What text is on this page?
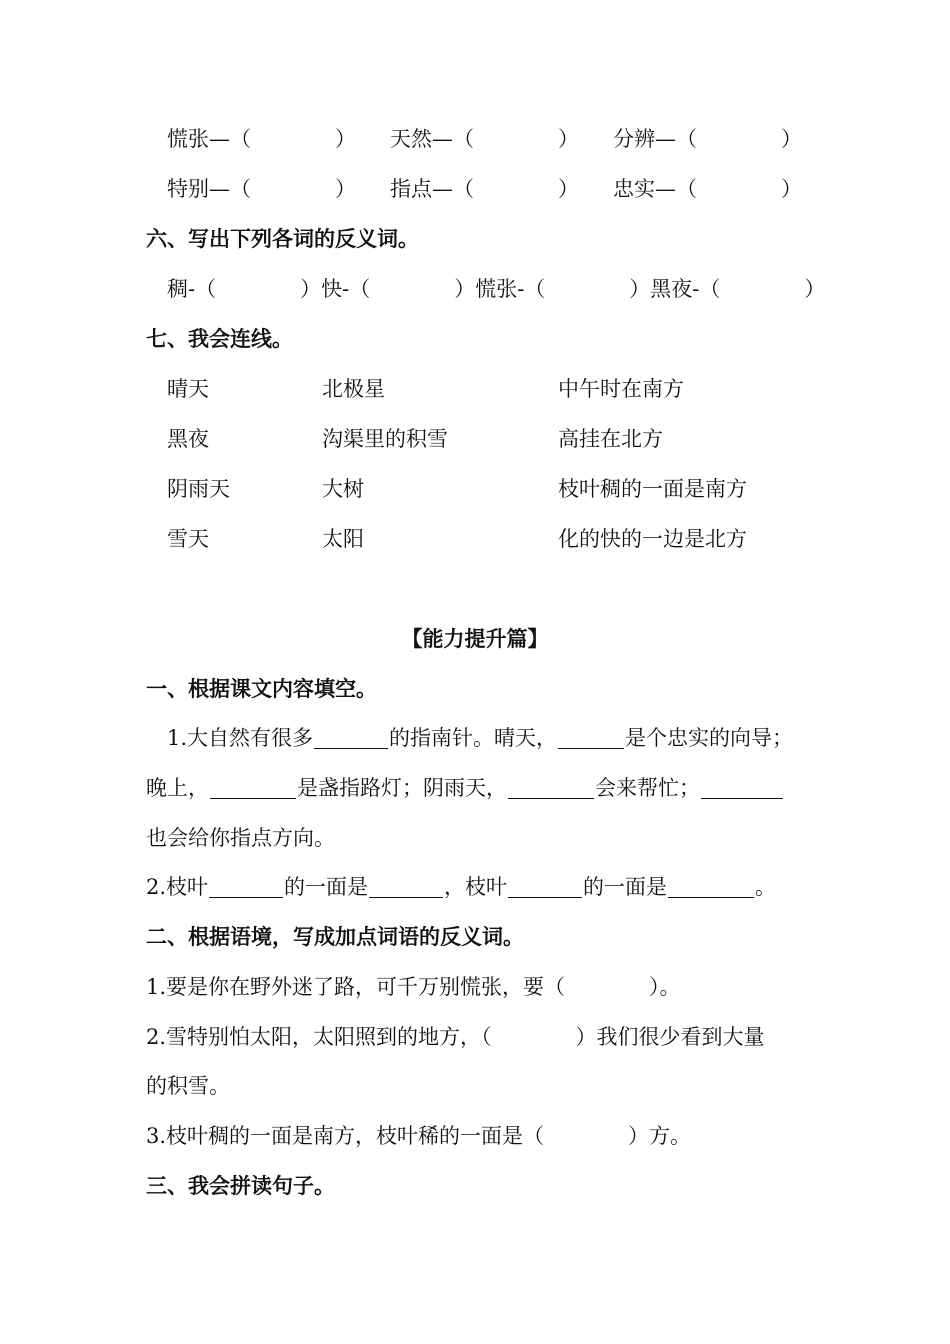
慌张—（　　　　） 天然—（　　　　） 分辨—（　　　　）
特别—（　　　　） 指点—（　　　　） 忠实—（　　　　）
六、写出下列各词的反义词。
稠-（　　　　）快-（　　　　）慌张-（　　　　）黑夜-（　　　　）
七、我会连线。
晴天	北极星	中午时在南方
黑夜	沟渠里的积雪	高挂在北方
阴雨天	大树	枝叶稠的一面是南方
雪天	太阳	化的快的一边是北方
【能力提升篇】
一、根据课文内容填空。
1.大自然有很多	的指南针。晴天，	是个忠实的向导；
晚上，	是盏指路灯；阴雨天，	会来帮忙；
也会给你指点方向。
2.枝叶	的一面是	，枝叶	的一面是	。
二、根据语境，写成加点词语的反义词。
1.要是你在野外迷了路，可千万别慌张，要（　　　　）。
2.雪特别怕太阳，太阳照到的地方，（　　　　）我们很少看到大量
的积雪。
3.枝叶稠的一面是南方，枝叶稀的一面是（　　　　）方。
三、我会拼读句子。
